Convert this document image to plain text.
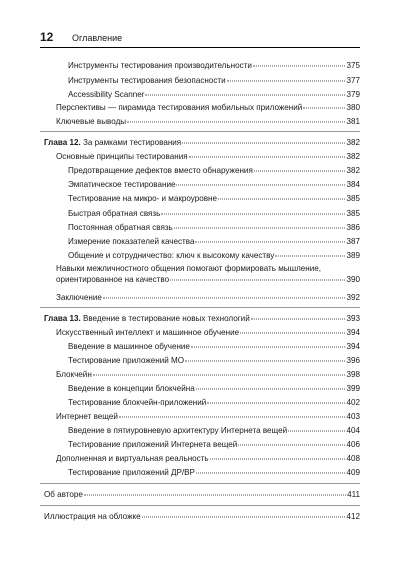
12 Оглавление
Инструменты тестирования производительности	375
Инструменты тестирования безопасности	377
Accessibility Scanner	379
Перспективы — пирамида тестирования мобильных приложений	380
Ключевые выводы	381
Глава 12. За рамками тестирования	382
Основные принципы тестирования	382
Предотвращение дефектов вместо обнаружения	382
Эмпатическое тестирование	384
Тестирование на микро- и макроуровне	385
Быстрая обратная связь	385
Постоянная обратная связь	386
Измерение показателей качества	387
Общение и сотрудничество: ключ к высокому качеству	389
Навыки межличностного общения помогают формировать мышление,
ориентированное на качество	390
Заключение	392
Глава 13. Введение в тестирование новых технологий	393
Искусственный интеллект и машинное обучение	394
Введение в машинное обучение	394
Тестирование приложений МО	396
Блокчейн	398
Введение в концепции блокчейна	399
Тестирование блокчейн-приложений	402
Интернет вещей	403
Введение в пятиуровневую архитектуру Интернета вещей	404
Тестирование приложений Интернета вещей	406
Дополненная и виртуальная реальность	408
Тестирование приложений ДР/ВР	409
Об авторе	411
Иллюстрация на обложке	412
